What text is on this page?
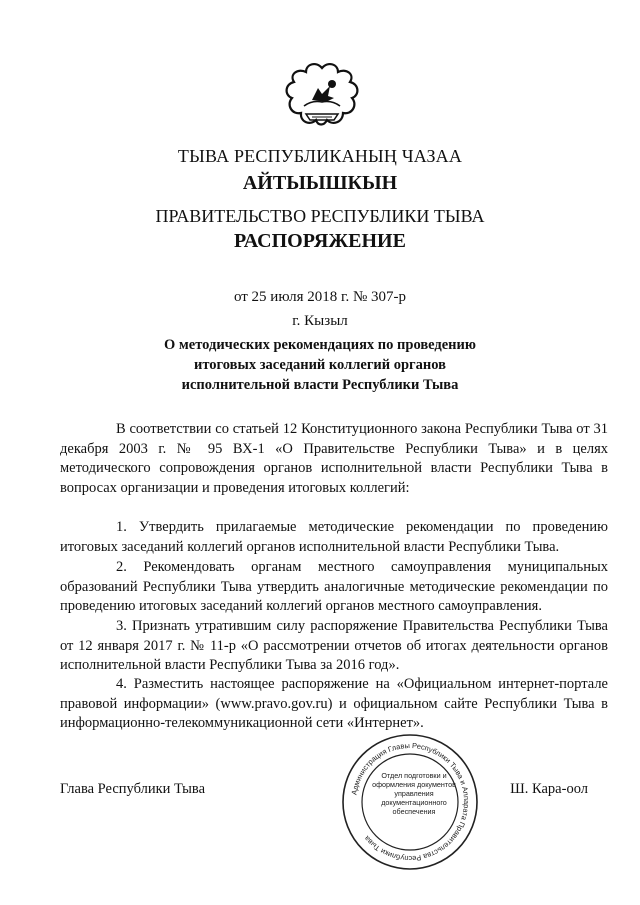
ТЫВА РЕСПУБЛИКАНЫҢ ЧАЗАА
АЙТЫЫШКЫН
ПРАВИТЕЛЬСТВО РЕСПУБЛИКИ ТЫВА
РАСПОРЯЖЕНИЕ
от 25 июля 2018 г. № 307-р
г. Кызыл
О методических рекомендациях по проведению итоговых заседаний коллегий органов исполнительной власти Республики Тыва

В соответствии со статьей 12 Конституционного закона Республики Тыва от 31 декабря 2003 г. № 95 ВХ-1 «О Правительстве Республики Тыва» и в целях методического сопровождения органов исполнительной власти Республики Тыва в вопросах организации и проведения итоговых коллегий:

1. Утвердить прилагаемые методические рекомендации по проведению итоговых заседаний коллегий органов исполнительной власти Республики Тыва.

2. Рекомендовать органам местного самоуправления муниципальных образований Республики Тыва утвердить аналогичные методические рекомендации по проведению итоговых заседаний коллегий органов местного самоуправления.

3. Признать утратившим силу распоряжение Правительства Республики Тыва от 12 января 2017 г. № 11-р «О рассмотрении отчетов об итогах деятельности органов исполнительной власти Республики Тыва за 2016 год».

4. Разместить настоящее распоряжение на «Официальном интернет-портале правовой информации» (www.pravo.gov.ru) и официальном сайте Республики Тыва в информационно-телекоммуникационной сети «Интернет».

Администрация Главы Республики Тыва и Аппарата Правительства Республики Тыва
Отдел подготовки и оформления документов управления документационного обеспечения
Глава Республики Тыва	Ш. Кара-оол
